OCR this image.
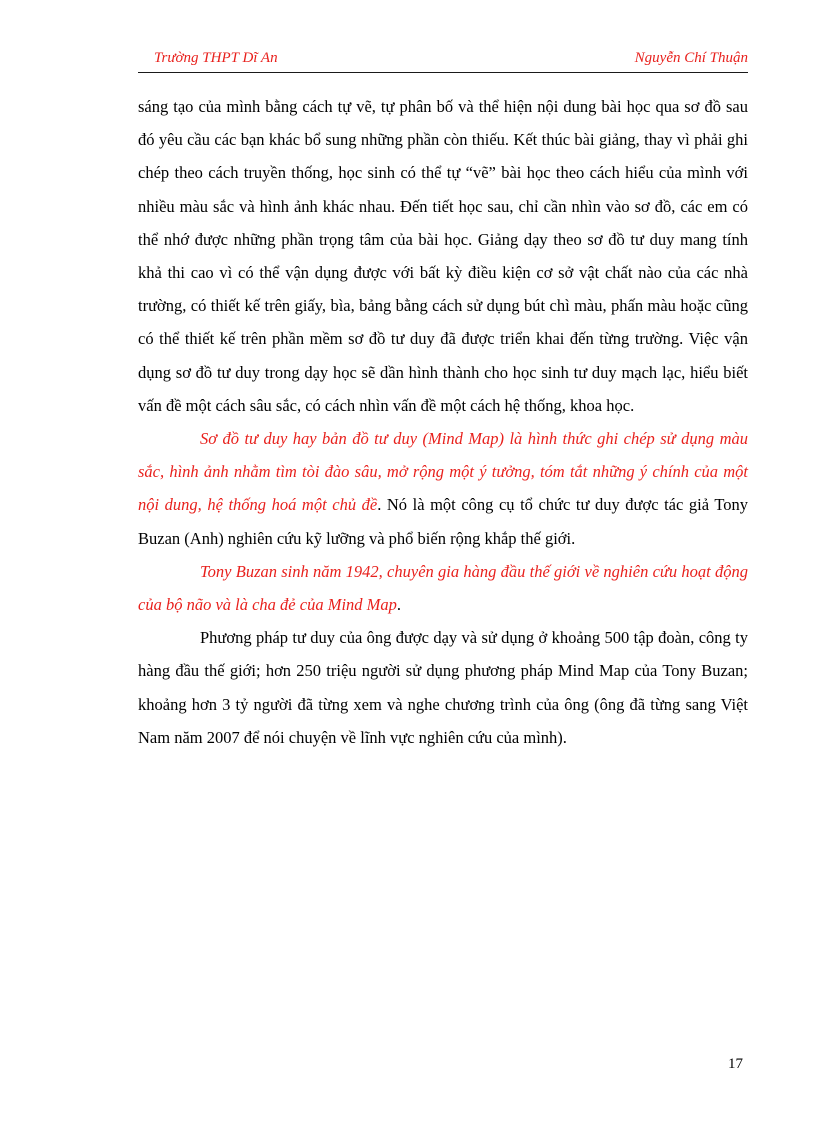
Trường THPT Dĩ An	Nguyễn Chí Thuận

sáng tạo của mình bằng cách tự vẽ, tự phân bố và thể hiện nội dung bài học qua sơ đồ sau đó yêu cầu các bạn khác bổ sung những phần còn thiếu. Kết thúc bài giảng, thay vì phải ghi chép theo cách truyền thống, học sinh có thể tự “vẽ” bài học theo cách hiểu của mình với nhiều màu sắc và hình ảnh khác nhau. Đến tiết học sau, chỉ cần nhìn vào sơ đồ, các em có thể nhớ được những phần trọng tâm của bài học. Giảng dạy theo sơ đồ tư duy mang tính khả thi cao vì có thể vận dụng được với bất kỳ điều kiện cơ sở vật chất nào của các nhà trường, có thiết kế trên giấy, bìa, bảng bằng cách sử dụng bút chì màu, phấn màu hoặc cũng có thể thiết kế trên phần mềm sơ đồ tư duy đã được triển khai đến từng trường. Việc vận dụng sơ đồ tư duy trong dạy học sẽ dần hình thành cho học sinh tư duy mạch lạc, hiểu biết vấn đề một cách sâu sắc, có cách nhìn vấn đề một cách hệ thống, khoa học.

Sơ đồ tư duy hay bản đồ tư duy (Mind Map) là hình thức ghi chép sử dụng màu sắc, hình ảnh nhằm tìm tòi đào sâu, mở rộng một ý tưởng, tóm tắt những ý chính của một nội dung, hệ thống hoá một chủ đề. Nó là một công cụ tổ chức tư duy được tác giả Tony Buzan (Anh) nghiên cứu kỹ lưỡng và phổ biến rộng khắp thế giới.

Tony Buzan sinh năm 1942, chuyên gia hàng đầu thế giới về nghiên cứu hoạt động của bộ não và là cha đẻ của Mind Map.

Phương pháp tư duy của ông được dạy và sử dụng ở khoảng 500 tập đoàn, công ty hàng đầu thế giới; hơn 250 triệu người sử dụng phương pháp Mind Map của Tony Buzan; khoảng hơn 3 tỷ người đã từng xem và nghe chương trình của ông (ông đã từng sang Việt Nam năm 2007 để nói chuyện về lĩnh vực nghiên cứu của mình).

17
